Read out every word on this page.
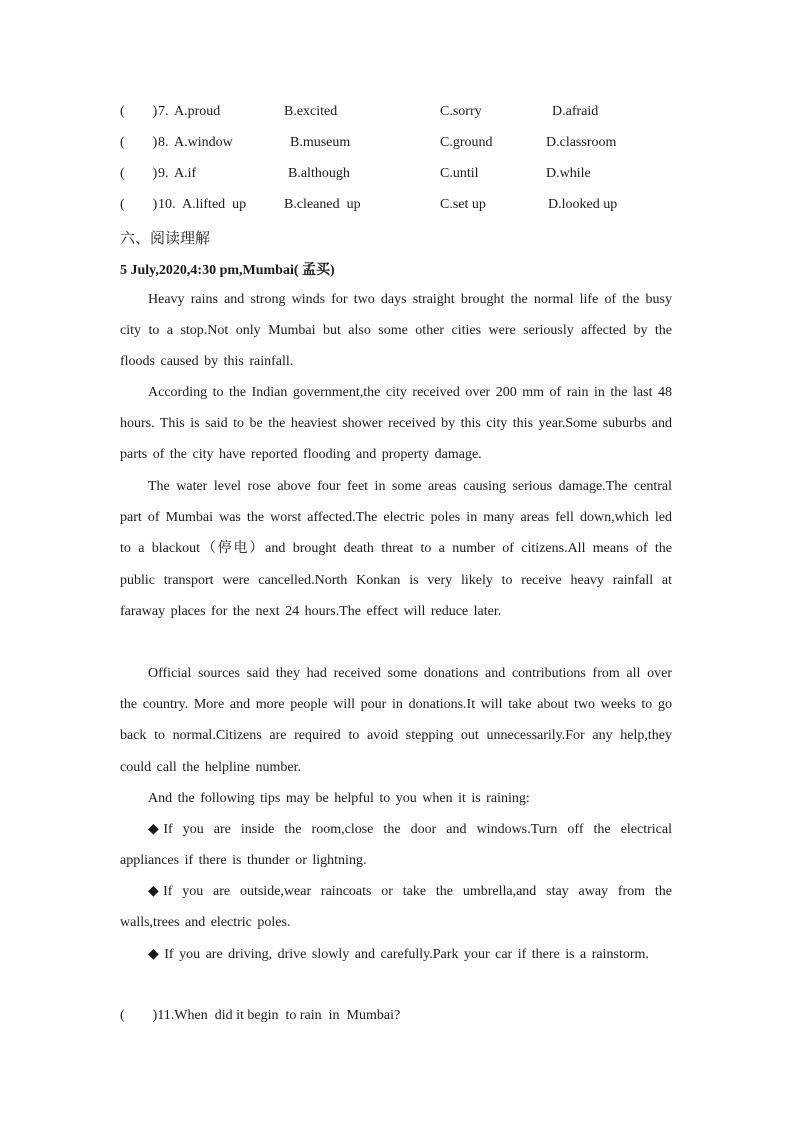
(        ) 7. A.proud	B.excited	C.sorry	D.afraid
(        ) 8. A.window	B.museum	C.ground	D.classroom
(        ) 9. A.if	B.although	C.until	D.while
(        ) 10. A.lifted  up	B.cleaned  up	C.set up	D.looked up
六、阅读理解
5 July,2020,4:30 pm,Mumbai( 孟买)

Heavy rains and strong winds for two days straight brought the normal life of the busy city to a stop.Not only Mumbai but also some other cities were seriously affected by the floods caused by this rainfall.

According to the Indian government,the city received over 200 mm of rain in the last 48 hours. This is said to be the heaviest shower received by this city this year.Some suburbs and parts of the city have reported flooding and property damage.

The water level rose above four feet in some areas causing serious damage.The central part of Mumbai was the worst affected.The electric poles in many areas fell down,which led to a blackout（停电）and brought death threat to a number of citizens.All means of the public transport were cancelled.North Konkan is very likely to receive heavy rainfall at faraway places for the next 24 hours.The effect will reduce later.

Official sources said they had received some donations and contributions from all over the country. More and more people will pour in donations.It will take about two weeks to go back to normal.Citizens are required to avoid stepping out unnecessarily.For any help,they could call the helpline number.

And the following tips may be helpful to you when it is raining:

◆If you are inside the room,close the door and windows.Turn off the electrical appliances if there is thunder or lightning.

◆If you are outside,wear raincoats or take the umbrella,and stay away from the walls,trees and electric poles.

◆ If you are driving, drive slowly and carefully.Park your car if there is a rainstorm.

(        )11.When  did it begin  to rain  in  Mumbai?
